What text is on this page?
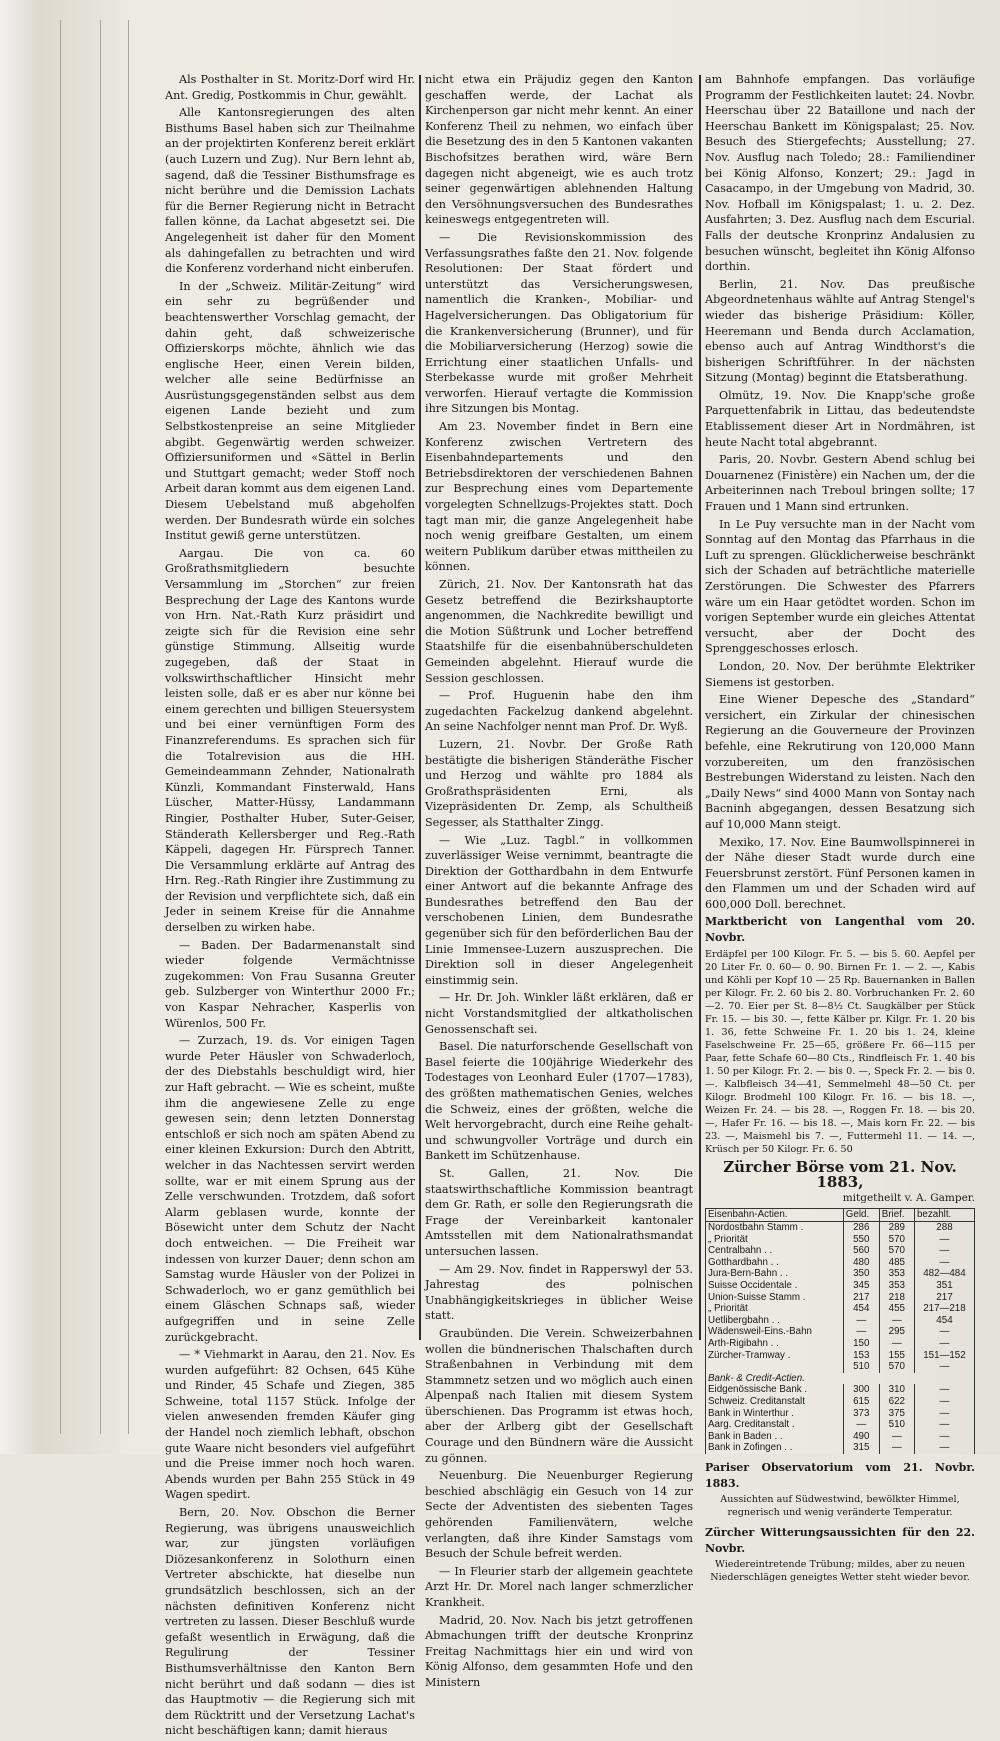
Als Posthalter in St. Moritz-Dorf wird Hr. Ant. Gredig, Postkommis in Chur, gewählt.

Alle Kantonsregierungen des alten Bisthums Basel haben sich zur Theilnahme an der projektirten Konferenz bereit erklärt (auch Luzern und Zug). Nur Bern lehnt ab, sagend, daß die Tessiner Bisthumsfrage es nicht berühre und die Demission Lachats für die Berner Regierung nicht in Betracht fallen könne, da Lachat abgesetzt sei. Die Angelegenheit ist daher für den Moment als dahingefallen zu betrachten und wird die Konferenz vorderhand nicht einberufen.

In der „Schweiz. Militär-Zeitung“ wird ein sehr zu begrüßender und beachtenswerther Vorschlag gemacht, der dahin geht, daß schweizerische Offizierskorps möchte, ähnlich wie das englische Heer, einen Verein bilden, welcher alle seine Bedürfnisse an Ausrüstungsgegenständen selbst aus dem eigenen Lande bezieht und zum Selbstkostenpreise an seine Mitglieder abgibt. Gegenwärtig werden schweizer. Offiziersuniformen und «Sättel in Berlin und Stuttgart gemacht; weder Stoff noch Arbeit daran kommt aus dem eigenen Land. Diesem Uebelstand muß abgeholfen werden. Der Bundesrath würde ein solches Institut gewiß gerne unterstützen.

Aargau. Die von ca. 60 Großrathsmitgliedern besuchte Versammlung im „Storchen“ zur freien Besprechung der Lage des Kantons wurde von Hrn. Nat.-Rath Kurz präsidirt und zeigte sich für die Revision eine sehr günstige Stimmung. Allseitig wurde zugegeben, daß der Staat in volkswirthschaftlicher Hinsicht mehr leisten solle, daß er es aber nur könne bei einem gerechten und billigen Steuersystem und bei einer vernünftigen Form des Finanzreferendums. Es sprachen sich für die Totalrevision aus die HH. Gemeindeammann Zehnder, Nationalrath Künzli, Kommandant Finsterwald, Hans Lüscher, Matter-Hüssy, Landammann Ringier, Posthalter Huber, Suter-Geiser, Ständerath Kellersberger und Reg.-Rath Käppeli, dagegen Hr. Fürsprech Tanner. Die Versammlung erklärte auf Antrag des Hrn. Reg.-Rath Ringier ihre Zustimmung zu der Revision und verpflichtete sich, daß ein Jeder in seinem Kreise für die Annahme derselben zu wirken habe.

— Baden. Der Badarmenanstalt sind wieder folgende Vermächtnisse zugekommen: Von Frau Susanna Greuter geb. Sulzberger von Winterthur 2000 Fr.; von Kaspar Nehracher, Kasperlis von Würenlos, 500 Fr.

— Zurzach, 19. ds. Vor einigen Tagen wurde Peter Häusler von Schwaderloch, der des Diebstahls beschuldigt wird, hier zur Haft gebracht. — Wie es scheint, mußte ihm die angewiesene Zelle zu enge gewesen sein; denn letzten Donnerstag entschloß er sich noch am späten Abend zu einer kleinen Exkursion: Durch den Abtritt, welcher in das Nachtessen servirt werden sollte, war er mit einem Sprung aus der Zelle verschwunden. Trotzdem, daß sofort Alarm geblasen wurde, konnte der Bösewicht unter dem Schutz der Nacht doch entweichen. — Die Freiheit war indessen von kurzer Dauer; denn schon am Samstag wurde Häusler von der Polizei in Schwaderloch, wo er ganz gemüthlich bei einem Gläschen Schnaps saß, wieder aufgegriffen und in seine Zelle zurückgebracht.

— * Viehmarkt in Aarau, den 21. Nov. Es wurden aufgeführt: 82 Ochsen, 645 Kühe und Rinder, 45 Schafe und Ziegen, 385 Schweine, total 1157 Stück. Infolge der vielen anwesenden fremden Käufer ging der Handel noch ziemlich lebhaft, obschon gute Waare nicht besonders viel aufgeführt und die Preise immer noch hoch waren. Abends wurden per Bahn 255 Stück in 49 Wagen spedirt.

Bern, 20. Nov. Obschon die Berner Regierung, was übrigens unausweichlich war, zur jüngsten vorläufigen Diözesankonferenz in Solothurn einen Vertreter abschickte, hat dieselbe nun grundsätzlich beschlossen, sich an der nächsten definitiven Konferenz nicht vertreten zu lassen. Dieser Beschluß wurde gefaßt wesentlich in Erwägung, daß die Regulirung der Tessiner Bisthumsverhältnisse den Kanton Bern nicht berührt und daß sodann — dies ist das Hauptmotiv — die Regierung sich mit dem Rücktritt und der Versetzung Lachat's nicht beschäftigen kann; damit hieraus

nicht etwa ein Präjudiz gegen den Kanton geschaffen werde, der Lachat als Kirchenperson gar nicht mehr kennt. An einer Konferenz Theil zu nehmen, wo einfach über die Besetzung des in den 5 Kantonen vakanten Bischofsitzes berathen wird, wäre Bern dagegen nicht abgeneigt, wie es auch trotz seiner gegenwärtigen ablehnenden Haltung den Versöhnungsversuchen des Bundesrathes keineswegs entgegentreten will.

— Die Revisionskommission des Verfassungsrathes faßte den 21. Nov. folgende Resolutionen: Der Staat fördert und unterstützt das Versicherungswesen, namentlich die Kranken-, Mobiliar- und Hagelversicherungen. Das Obligatorium für die Krankenversicherung (Brunner), und für die Mobiliarversicherung (Herzog) sowie die Errichtung einer staatlichen Unfalls- und Sterbekasse wurde mit großer Mehrheit verworfen. Hierauf vertagte die Kommission ihre Sitzungen bis Montag.

Am 23. November findet in Bern eine Konferenz zwischen Vertretern des Eisenbahndepartements und den Betriebsdirektoren der verschiedenen Bahnen zur Besprechung eines vom Departemente vorgelegten Schnellzugs-Projektes statt. Doch tagt man mir, die ganze Angelegenheit habe noch wenig greifbare Gestalten, um einem weitern Publikum darüber etwas mittheilen zu können.

Zürich, 21. Nov. Der Kantonsrath hat das Gesetz betreffend die Bezirkshauptorte angenommen, die Nachkredite bewilligt und die Motion Süßtrunk und Locher betreffend Staatshilfe für die eisenbahnüberschuldeten Gemeinden abgelehnt. Hierauf wurde die Session geschlossen.

— Prof. Huguenin habe den ihm zugedachten Fackelzug dankend abgelehnt. An seine Nachfolger nennt man Prof. Dr. Wyß.

Luzern, 21. Novbr. Der Große Rath bestätigte die bisherigen Ständeräthe Fischer und Herzog und wählte pro 1884 als Großrathspräsidenten Erni, als Vizepräsidenten Dr. Zemp, als Schultheiß Segesser, als Statthalter Zingg.

— Wie „Luz. Tagbl.“ in vollkommen zuverlässiger Weise vernimmt, beantragte die Direktion der Gotthardbahn in dem Entwurfe einer Antwort auf die bekannte Anfrage des Bundesrathes betreffend den Bau der verschobenen Linien, dem Bundesrathe gegenüber sich für den beförderlichen Bau der Linie Immensee-Luzern auszusprechen. Die Direktion soll in dieser Angelegenheit einstimmig sein.

— Hr. Dr. Joh. Winkler läßt erklären, daß er nicht Vorstandsmitglied der altkatholischen Genossenschaft sei.

Basel. Die naturforschende Gesellschaft von Basel feierte die 100jährige Wiederkehr des Todestages von Leonhard Euler (1707—1783), des größten mathematischen Genies, welches die Schweiz, eines der größten, welche die Welt hervorgebracht, durch eine Reihe gehalt- und schwungvoller Vorträge und durch ein Bankett im Schützenhause.

St. Gallen, 21. Nov. Die staatswirthschaftliche Kommission beantragt dem Gr. Rath, er solle den Regierungsrath die Frage der Vereinbarkeit kantonaler Amtsstellen mit dem Nationalrathsmandat untersuchen lassen.

— Am 29. Nov. findet in Rapperswyl der 53. Jahrestag des polnischen Unabhängigkeitskrieges in üblicher Weise statt.

Graubünden. Die Verein. Schweizerbahnen wollen die bündnerischen Thalschaften durch Straßenbahnen in Verbindung mit dem Stammnetz setzen und wo möglich auch einen Alpenpaß nach Italien mit diesem System überschienen. Das Programm ist etwas hoch, aber der Arlberg gibt der Gesellschaft Courage und den Bündnern wäre die Aussicht zu gönnen.

Neuenburg. Die Neuenburger Regierung beschied abschlägig ein Gesuch von 14 zur Secte der Adventisten des siebenten Tages gehörenden Familienvätern, welche verlangten, daß ihre Kinder Samstags vom Besuch der Schule befreit werden.

— In Fleurier starb der allgemein geachtete Arzt Hr. Dr. Morel nach langer schmerzlicher Krankheit.

Madrid, 20. Nov. Nach bis jetzt getroffenen Abmachungen trifft der deutsche Kronprinz Freitag Nachmittags hier ein und wird von König Alfonso, dem gesammten Hofe und den Ministern

am Bahnhofe empfangen. Das vorläufige Programm der Festlichkeiten lautet: 24. Novbr. Heerschau über 22 Bataillone und nach der Heerschau Bankett im Königspalast; 25. Nov. Besuch des Stiergefechts; Ausstellung; 27. Nov. Ausflug nach Toledo; 28.: Familiendiner bei König Alfonso, Konzert; 29.: Jagd in Casacampo, in der Umgebung von Madrid, 30. Nov. Hofball im Königspalast; 1. u. 2. Dez. Ausfahrten; 3. Dez. Ausflug nach dem Escurial. Falls der deutsche Kronprinz Andalusien zu besuchen wünscht, begleitet ihn König Alfonso dorthin.

Berlin, 21. Nov. Das preußische Abgeordnetenhaus wählte auf Antrag Stengel's wieder das bisherige Präsidium: Köller, Heeremann und Benda durch Acclamation, ebenso auch auf Antrag Windthorst's die bisherigen Schriftführer. In der nächsten Sitzung (Montag) beginnt die Etatsberathung.

Olmütz, 19. Nov. Die Knapp'sche große Parquettenfabrik in Littau, das bedeutendste Etablissement dieser Art in Nordmähren, ist heute Nacht total abgebrannt.

Paris, 20. Novbr. Gestern Abend schlug bei Douarnenez (Finistère) ein Nachen um, der die Arbeiterinnen nach Treboul bringen sollte; 17 Frauen und 1 Mann sind ertrunken.

In Le Puy versuchte man in der Nacht vom Sonntag auf den Montag das Pfarrhaus in die Luft zu sprengen. Glücklicherweise beschränkt sich der Schaden auf beträchtliche materielle Zerstörungen. Die Schwester des Pfarrers wäre um ein Haar getödtet worden. Schon im vorigen September wurde ein gleiches Attentat versucht, aber der Docht des Sprenggeschosses erlosch.

London, 20. Nov. Der berühmte Elektriker Siemens ist gestorben.

Eine Wiener Depesche des „Standard“ versichert, ein Zirkular der chinesischen Regierung an die Gouverneure der Provinzen befehle, eine Rekrutirung von 120,000 Mann vorzubereiten, um den französischen Bestrebungen Widerstand zu leisten. Nach den „Daily News“ sind 4000 Mann von Sontay nach Bacninh abgegangen, dessen Besatzung sich auf 10,000 Mann steigt.

Mexiko, 17. Nov. Eine Baumwollspinnerei in der Nähe dieser Stadt wurde durch eine Feuersbrunst zerstört. Fünf Personen kamen in den Flammen um und der Schaden wird auf 600,000 Doll. berechnet.

Marktbericht von Langenthal vom 20. Novbr.

Erdäpfel per 100 Kilogr. Fr. 5. — bis 5. 60. Aepfel per 20 Liter Fr. 0. 60— 0. 90. Birnen Fr. 1. — 2. —, Kabis und Köhli per Kopf 10 — 25 Rp. Bauernanken in Ballen per Kilogr. Fr. 2. 60 bis 2. 80. Vorbruchanken Fr. 2. 60—2. 70. Eier per St. 8—8½ Ct. Saugkälber per Stück Fr. 15. — bis 30. —, fette Kälber pr. Kilgr. Fr. 1. 20 bis 1. 36, fette Schweine Fr. 1. 20 bis 1. 24, kleine Faselschweine Fr. 25—65, größere Fr. 66—115 per Paar, fette Schafe 60—80 Cts., Rindfleisch Fr. 1. 40 bis 1. 50 per Kilogr. Fr. 2. — bis 0. —, Speck Fr. 2. — bis 0. —. Kalbfleisch 34—41, Semmelmehl 48—50 Ct. per Kilogr. Brodmehl 100 Kilogr. Fr. 16. — bis 18. —, Weizen Fr. 24. — bis 28. —, Roggen Fr. 18. — bis 20. —, Hafer Fr. 16. — bis 18. —, Mais korn Fr. 22. — bis 23. —, Maismehl bis 7. —, Futtermehl 11. — 14. —, Krüsch per 50 Kilogr. Fr. 6. 50

Zürcher Börse vom 21. Nov. 1883,
mitgetheilt v. A. Gamper.
Eisenbahn-Actien.	Geld.	Brief.	bezahlt.
Nordostbahn Stamm .	286	289	288
„ Priorität	550	570	—
Centralbahn . .	560	570	—
Gotthardbahn . .	480	485	—
Jura-Bern-Bahn . .	350	353	482—484
Suisse Occidentale .	345	353	351
Union-Suisse Stamm .	217	218	217
„ Priorität	454	455	217—218
Uetlibergbahn . .	—	—	454
Wädensweil-Eins.-Bahn	—	295	—
Arth-Rigibahn . .	150	—	—
Zürcher-Tramway .	153	155	151—152
	510	570	—
Bank- & Credit-Actien.			
Eidgenössische Bank .	300	310	—
Schweiz. Creditanstalt	615	622	—
Bank in Winterthur .	373	375	—
Aarg. Creditanstalt .	—	510	—
Bank in Baden . .	490	—	—
Bank in Zofingen . .	315	—	—

Pariser Observatorium vom 21. Novbr. 1883.

Aussichten auf Südwestwind, bewölkter Himmel, regnerisch und wenig veränderte Temperatur.

Zürcher Witterungsaussichten für den 22. Novbr.

Wiedereintretende Trübung; mildes, aber zu neuen Niederschlägen geneigtes Wetter steht wieder bevor.
